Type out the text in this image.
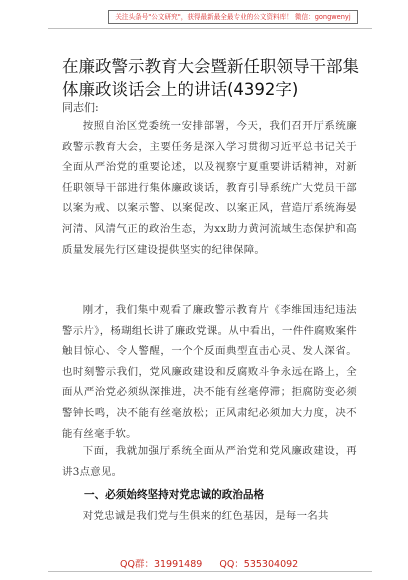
关注头条号"公文研究"，获得最新最全最专业的公文资料库！ 微信：gongwenyj
在廉政警示教育大会暨新任职领导干部集体廉政谈话会上的讲话(4392字)
同志们:

按照自治区党委统一安排部署，今天，我们召开厅系统廉政警示教育大会，主要任务是深入学习贯彻习近平总书记关于全面从严治党的重要论述，以及视察宁夏重要讲话精神，对新任职领导干部进行集体廉政谈话，教育引导系统广大党员干部以案为戒、以案示警、以案促改、以案正风，营造厅系统海晏河清、风清气正的政治生态，为xx助力黄河流域生态保护和高质量发展先行区建设提供坚实的纪律保障。

刚才，我们集中观看了廉政警示教育片《李维国违纪违法警示片》，杨瑚组长讲了廉政党课。从中看出，一件件腐败案件触目惊心、令人警醒，一个个反面典型直击心灵、发人深省。也时刻警示我们，党风廉政建设和反腐败斗争永远在路上，全面从严治党必须纵深推进，决不能有丝毫停滞；拒腐防变必须警钟长鸣，决不能有丝毫放松；正风肃纪必须加大力度，决不能有丝毫手软。

下面，我就加强厅系统全面从严治党和党风廉政建设，再讲3点意见。

一、必须始终坚持对党忠诚的政治品格

对党忠诚是我们党与生俱来的红色基因，是每一名共

QQ群：31991489 QQ：535304092
